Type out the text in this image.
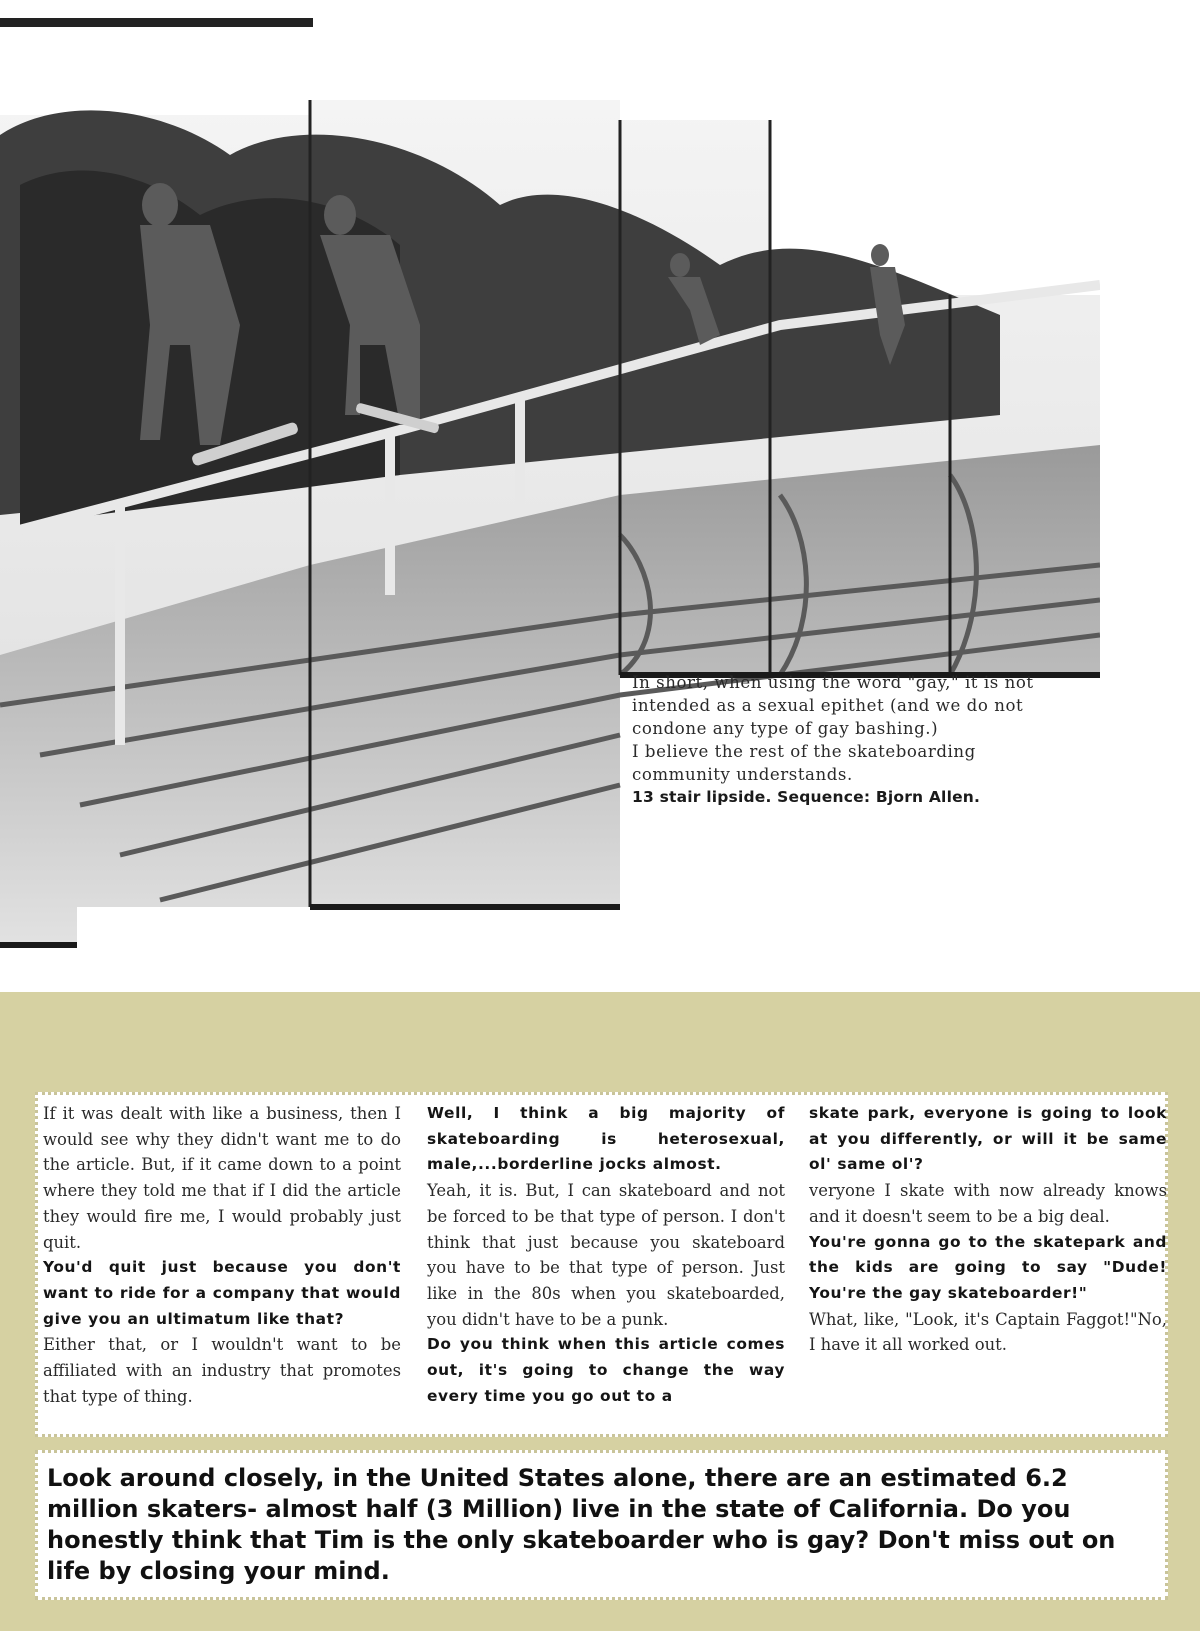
In short, when using the word "gay," it is not

intended as a sexual epithet (and we do not

condone any type of gay bashing.)

I believe the rest of the skateboarding

community understands.

13 stair lipside. Sequence: Bjorn Allen.

If it was dealt with like a business, then I would see why they didn't want me to do the article. But, if it came down to a point where they told me that if I did the article they would fire me, I would probably just quit.

You'd quit just because you don't want to ride for a company that would give you an ultimatum like that?

Either that, or I wouldn't want to be affiliated with an industry that promotes that type of thing.

Well, I think a big majority of skateboarding is heterosexual, male,...borderline jocks almost.

Yeah, it is. But, I can skateboard and not be forced to be that type of person. I don't think that just because you skateboard you have to be that type of person. Just like in the 80s when you skateboarded, you didn't have to be a punk.

Do you think when this article comes out, it's going to change the way every time you go out to a

skate park, everyone is going to look at you differently, or will it be same ol' same ol'?

veryone I skate with now already knows and it doesn't seem to be a big deal.

You're gonna go to the skatepark and the kids are going to say "Dude! You're the gay skateboarder!"

What, like, "Look, it's Captain Faggot!"No, I have it all worked out.

Look around closely, in the United States alone, there are an estimated 6.2 million skaters- almost half (3 Million) live in the state of California. Do you honestly think that Tim is the only skateboarder who is gay? Don't miss out on life by closing your mind.
